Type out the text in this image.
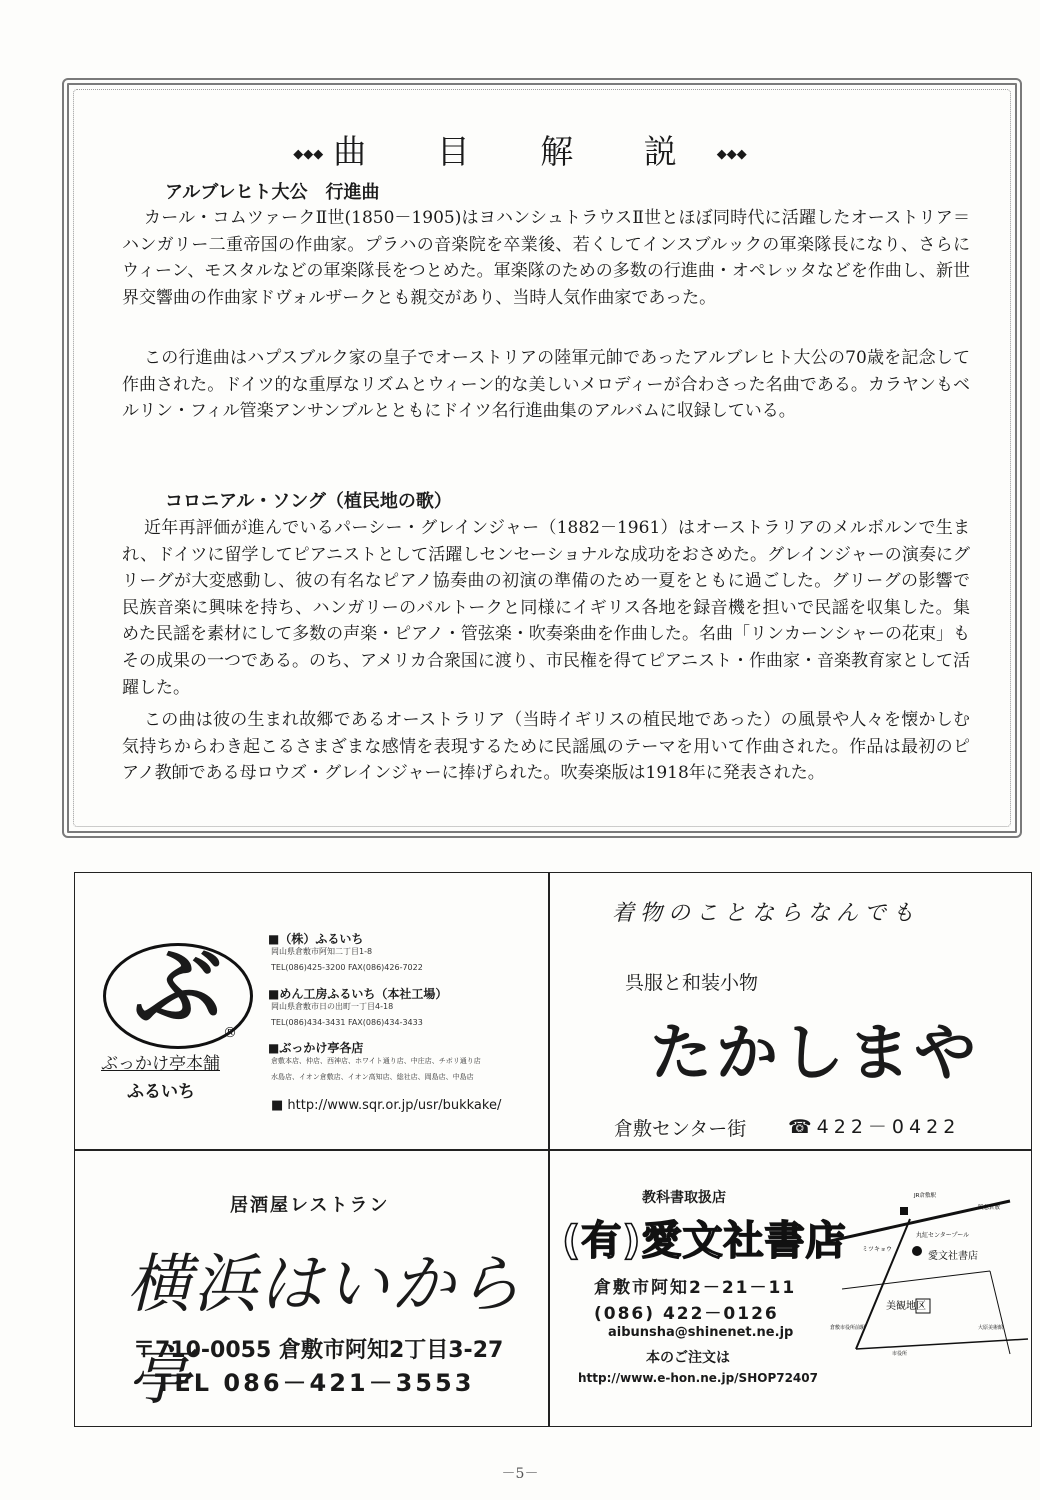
◆◆◆ 曲 目 解 説 ◆◆◆
アルブレヒト大公　行進曲

カール・コムツァークⅡ世(1850－1905)はヨハンシュトラウスⅡ世とほぼ同時代に活躍したオーストリア＝ハンガリー二重帝国の作曲家。プラハの音楽院を卒業後、若くしてインスブルックの軍楽隊長になり、さらにウィーン、モスタルなどの軍楽隊長をつとめた。軍楽隊のための多数の行進曲・オペレッタなどを作曲し、新世界交響曲の作曲家ドヴォルザークとも親交があり、当時人気作曲家であった。

この行進曲はハプスブルク家の皇子でオーストリアの陸軍元帥であったアルブレヒト大公の70歳を記念して作曲された。ドイツ的な重厚なリズムとウィーン的な美しいメロディーが合わさった名曲である。カラヤンもベルリン・フィル管楽アンサンブルとともにドイツ名行進曲集のアルバムに収録している。

コロニアル・ソング（植民地の歌）

近年再評価が進んでいるパーシー・グレインジャー（1882－1961）はオーストラリアのメルボルンで生まれ、ドイツに留学してピアニストとして活躍しセンセーショナルな成功をおさめた。グレインジャーの演奏にグリーグが大変感動し、彼の有名なピアノ協奏曲の初演の準備のため一夏をともに過ごした。グリーグの影響で民族音楽に興味を持ち、ハンガリーのバルトークと同様にイギリス各地を録音機を担いで民謡を収集した。集めた民謡を素材にして多数の声楽・ピアノ・管弦楽・吹奏楽曲を作曲した。名曲「リンカーンシャーの花束」もその成果の一つである。のち、アメリカ合衆国に渡り、市民権を得てピアニスト・作曲家・音楽教育家として活躍した。

この曲は彼の生まれ故郷であるオーストラリア（当時イギリスの植民地であった）の風景や人々を懐かしむ気持ちからわき起こるさまざまな感情を表現するために民謡風のテーマを用いて作曲された。作品は最初のピアノ教師である母ロウズ・グレインジャーに捧げられた。吹奏楽版は1918年に発表された。

ぶ ®
ぶっかけ亭本舗
ふるいち
■（株）ふるいち
岡山県倉敷市阿知二丁目1-8
TEL(086)425-3200 FAX(086)426-7022
■めん工房ふるいち（本社工場）
岡山県倉敷市日の出町一丁目4-18
TEL(086)434-3431 FAX(086)434-3433
■ぶっかけ亭各店
倉敷本店、仲店、西神店、ホワイト通り店、中庄店、チボリ通り店
水島店、イオン倉敷店、イオン高知店、総社店、岡島店、中島店
■ http://www.sqr.or.jp/usr/bukkake/
着物のことならなんでも
呉服と和装小物
たかしまや
倉敷センター街 ☎422－0422
居酒屋レストラン
横浜はいから亭
〒710-0055 倉敷市阿知2丁目3-27
TEL 086－421－3553
教科書取扱店
(有)愛文社書店
倉敷市阿知2－21－11
(086) 422－0126
aibunsha@shinenet.ne.jp
本のご注文は
http://www.e-hon.ne.jp/SHOP72407
JR倉敷駅
阪急倉敷
丸紅センタープール
ミツキョウ
愛文社書店
美観地区
倉敷市役所前駅	大原美術館
市役所
－5－
